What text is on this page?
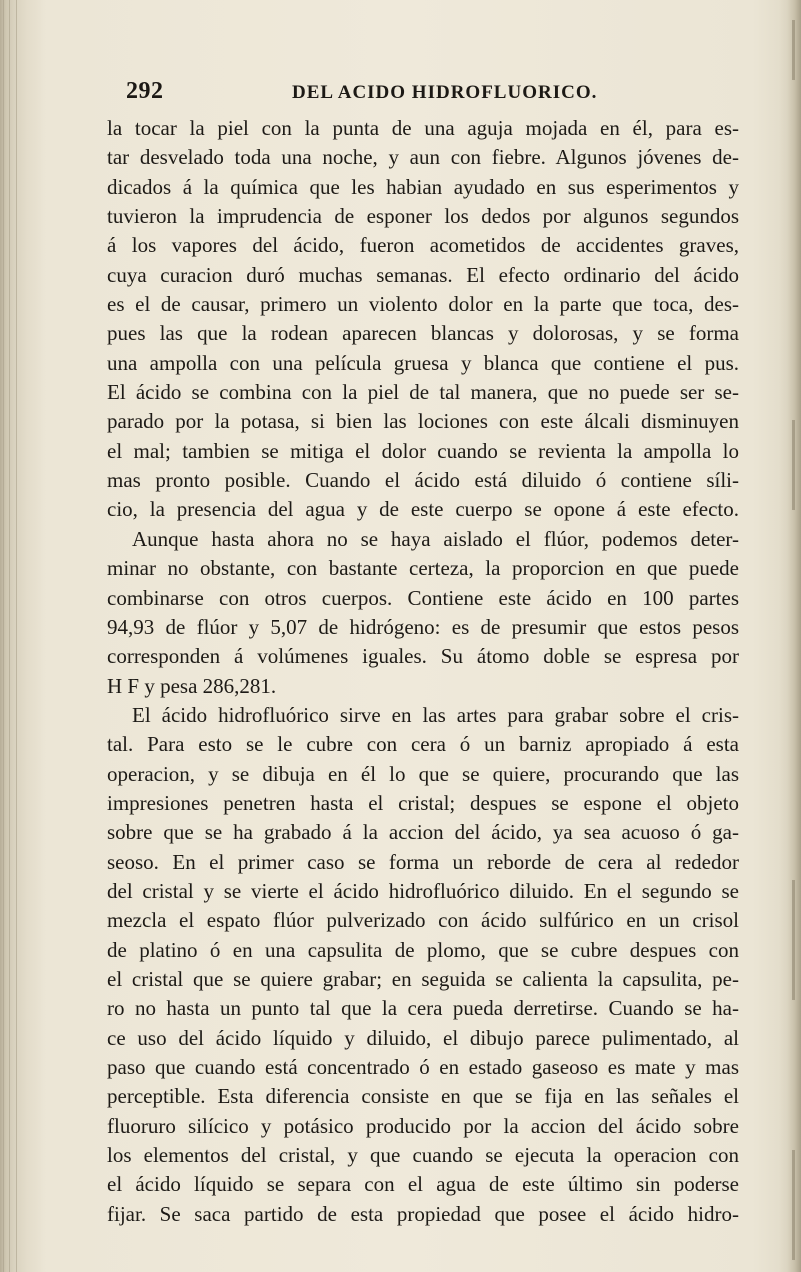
292	DEL ACIDO HIDROFLUORICO.
la tocar la piel con la punta de una aguja mojada en él, para es-
tar desvelado toda una noche, y aun con fiebre. Algunos jóvenes de-
dicados á la química que les habian ayudado en sus esperimentos y
tuvieron la imprudencia de esponer los dedos por algunos segundos
á los vapores del ácido, fueron acometidos de accidentes graves,
cuya curacion duró muchas semanas. El efecto ordinario del ácido
es el de causar, primero un violento dolor en la parte que toca, des-
pues las que la rodean aparecen blancas y dolorosas, y se forma
una ampolla con una película gruesa y blanca que contiene el pus.
El ácido se combina con la piel de tal manera, que no puede ser se-
parado por la potasa, si bien las lociones con este álcali disminuyen
el mal; tambien se mitiga el dolor cuando se revienta la ampolla lo
mas pronto posible. Cuando el ácido está diluido ó contiene síli-
cio, la presencia del agua y de este cuerpo se opone á este efecto.
Aunque hasta ahora no se haya aislado el flúor, podemos deter-
minar no obstante, con bastante certeza, la proporcion en que puede
combinarse con otros cuerpos. Contiene este ácido en 100 partes
94,93 de flúor y 5,07 de hidrógeno: es de presumir que estos pesos
corresponden á volúmenes iguales. Su átomo doble se espresa por
H F y pesa 286,281.
El ácido hidrofluórico sirve en las artes para grabar sobre el cris-
tal. Para esto se le cubre con cera ó un barniz apropiado á esta
operacion, y se dibuja en él lo que se quiere, procurando que las
impresiones penetren hasta el cristal; despues se espone el objeto
sobre que se ha grabado á la accion del ácido, ya sea acuoso ó ga-
seoso. En el primer caso se forma un reborde de cera al rededor
del cristal y se vierte el ácido hidrofluórico diluido. En el segundo se
mezcla el espato flúor pulverizado con ácido sulfúrico en un crisol
de platino ó en una capsulita de plomo, que se cubre despues con
el cristal que se quiere grabar; en seguida se calienta la capsulita, pe-
ro no hasta un punto tal que la cera pueda derretirse. Cuando se ha-
ce uso del ácido líquido y diluido, el dibujo parece pulimentado, al
paso que cuando está concentrado ó en estado gaseoso es mate y mas
perceptible. Esta diferencia consiste en que se fija en las señales el
fluoruro silícico y potásico producido por la accion del ácido sobre
los elementos del cristal, y que cuando se ejecuta la operacion con
el ácido líquido se separa con el agua de este último sin poderse
fijar. Se saca partido de esta propiedad que posee el ácido hidro-
